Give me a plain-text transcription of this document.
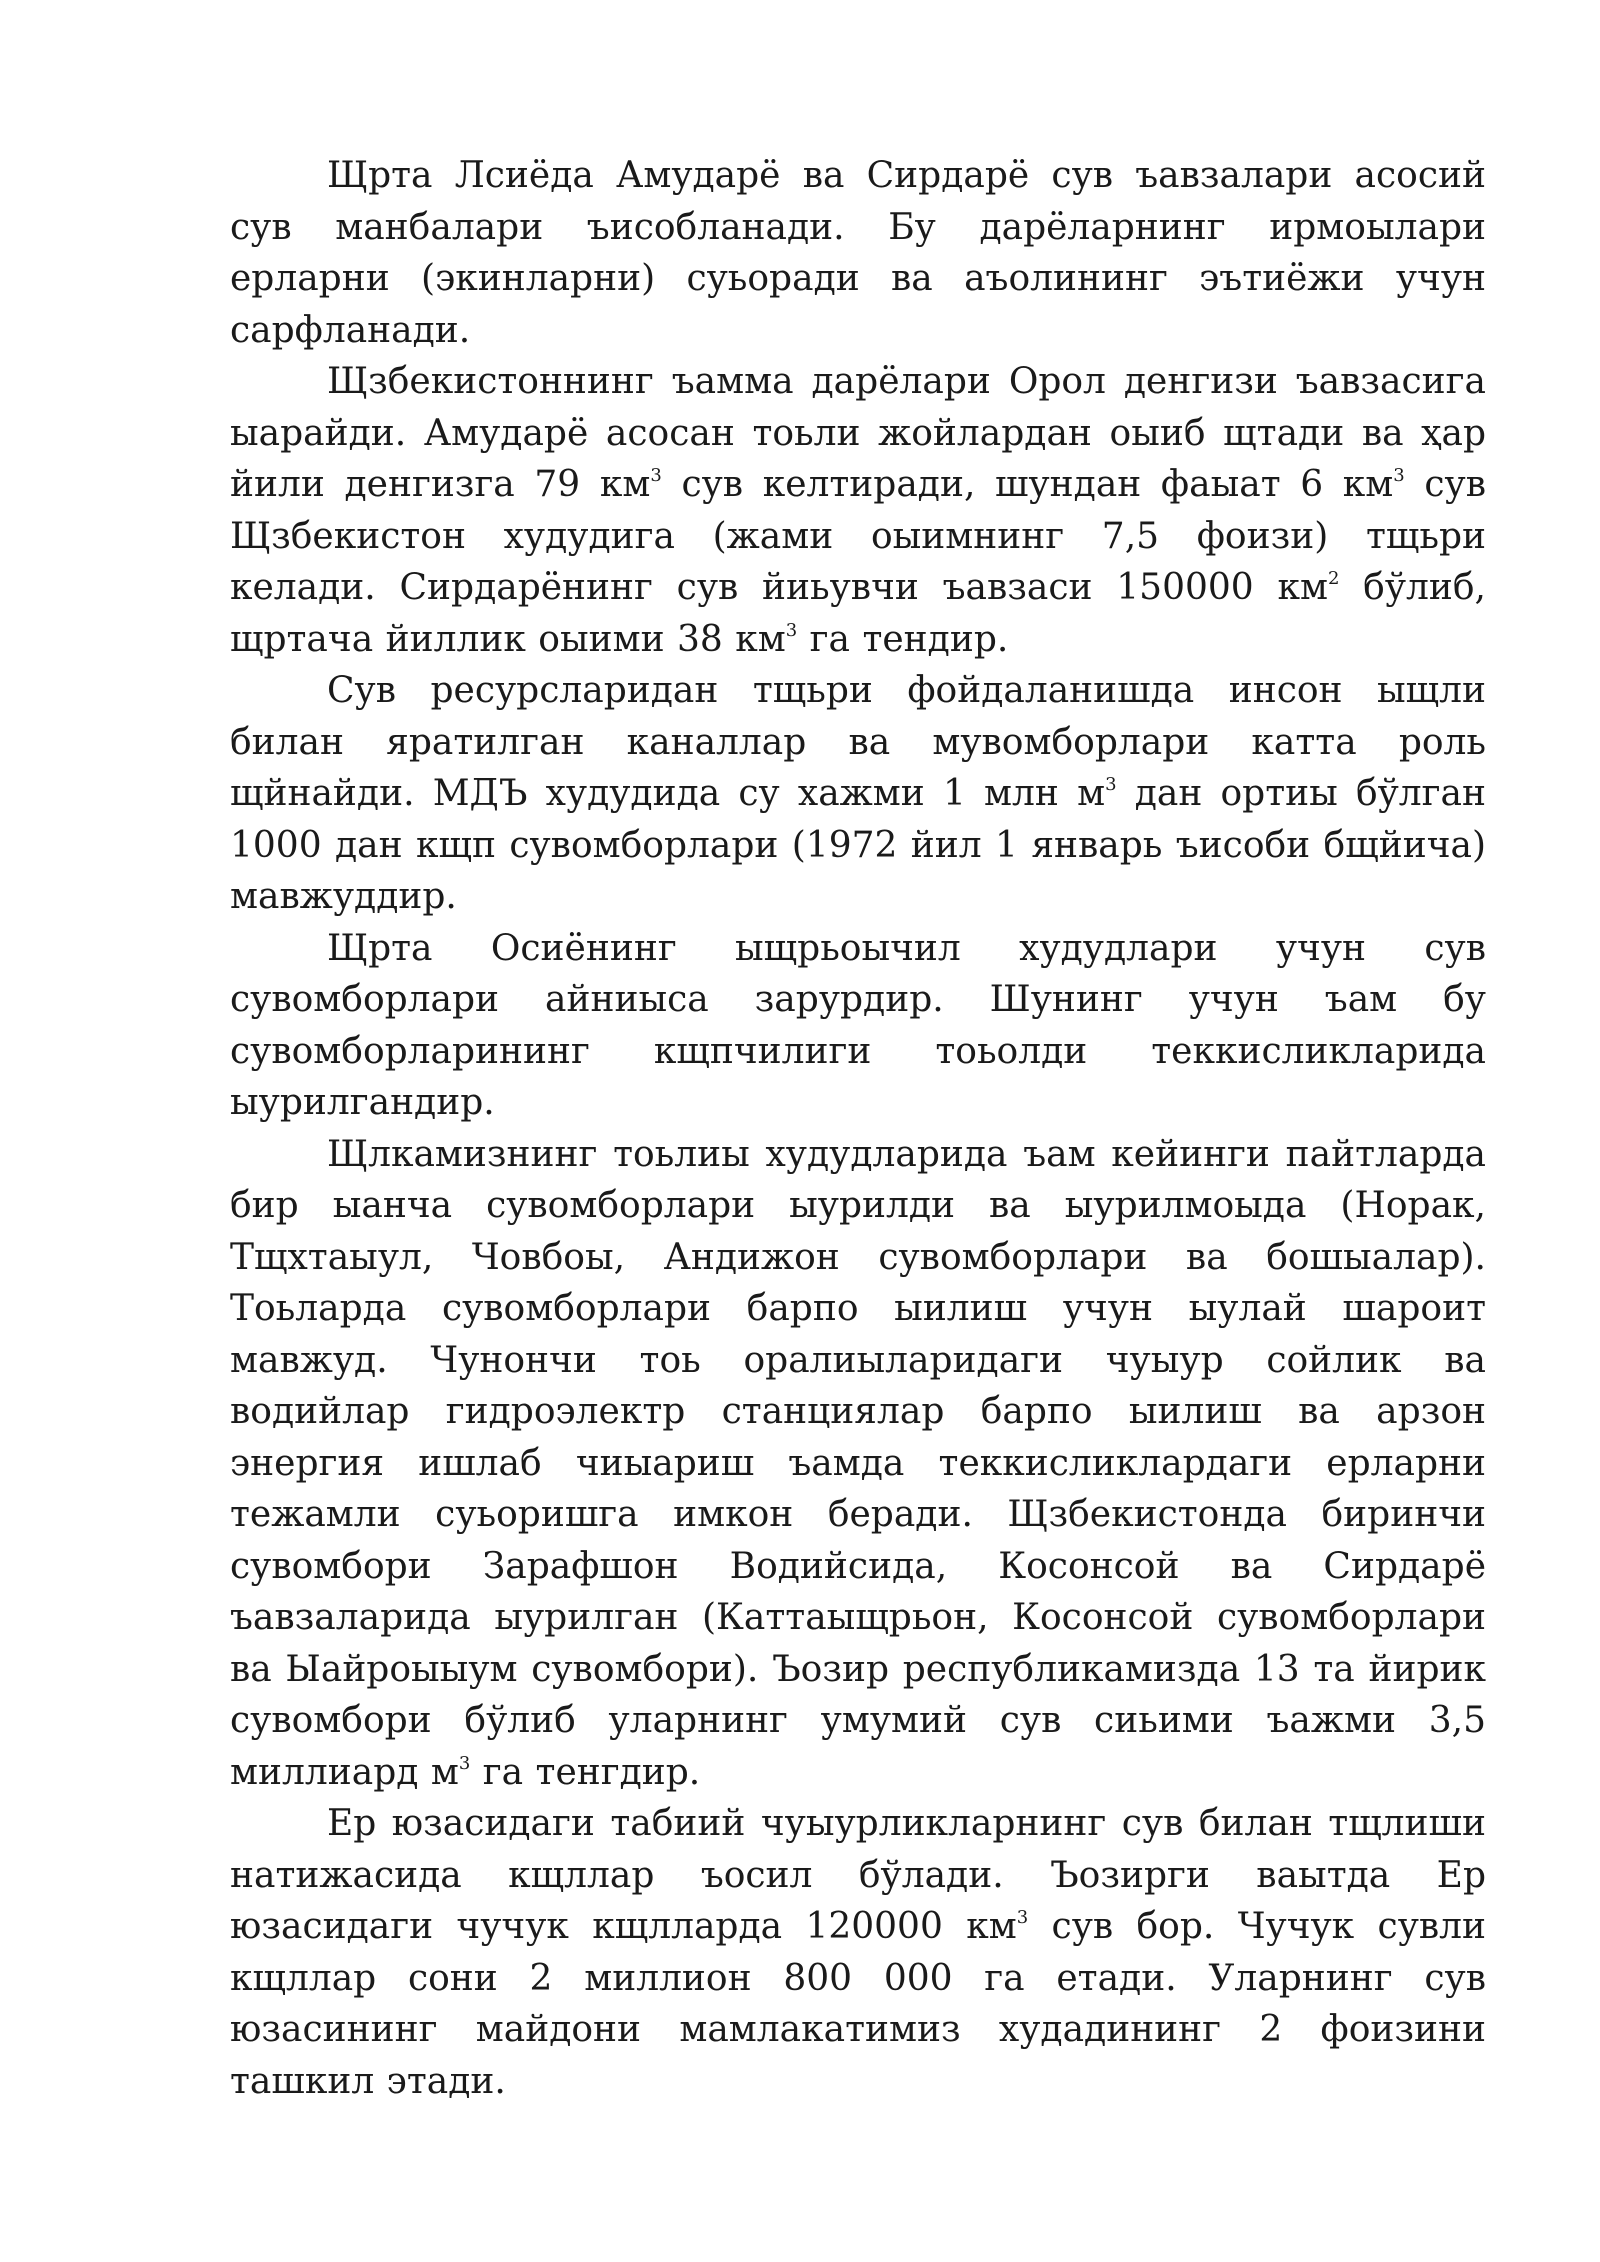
Щрта Лсиёда Амударё ва Сирдарё сув ъавзалари асосий сув манбалари ъисобланади. Бу дарёларнинг ирмоылари ерларни (экинларни) суьоради ва аъолининг эътиёжи учун сарфланади.

Щзбекистоннинг ъамма дарёлари Орол денгизи ъавзасига ыарайди. Амударё асосан тоьли жойлардан оыиб щтади ва ҳар йили денгизга 79 $км^3$ сув келтиради, шундан фаыат 6 $км^3$ сув Щзбекистон худудига (жами оыимнинг 7,5 фоизи) тщьри келади. Сирдарёнинг сув йиьувчи ъавзаси 150000 $км^2$ бўлиб, щртача йиллик оыими 38 $км^3$ га тендир.

Сув ресурсларидан тщьри фойдаланишда инсон ыщли билан яратилган каналлар ва мувомборлари катта роль щйнайди. МДЪ худудида су хажми 1 млн $м^3$ дан ортиы бўлган 1000 дан кщп сувомборлари (1972 йил 1 январь ъисоби бщйича) мавжуддир.

Щрта Осиёнинг ыщрьоычил худудлари учун сув сувомборлари айниыса зарурдир. Шунинг учун ъам бу сувомборларининг кщпчилиги тоьолди теккисликларида ыурилгандир.

Щлкамизнинг тоьлиы худудларида ъам кейинги пайтларда бир ыанча сувомборлари ыурилди ва ыурилмоыда (Норак, Тщхтаыул, Човбоы, Андижон сувомборлари ва бошыалар). Тоьларда сувомборлари барпо ыилиш учун ыулай шароит мавжуд. Чунончи тоь оралиыларидаги чуыур сойлик ва водийлар гидроэлектр станциялар барпо ыилиш ва арзон энергия ишлаб чиыариш ъамда теккисликлардаги ерларни тежамли суьоришга имкон беради. Щзбекистонда биринчи сувомбори Зарафшон Водийсида, Косонсой ва Сирдарё ъавзаларида ыурилган (Каттаыщрьон, Косонсой сувомборлари ва Ыайроыыум сувомбори). Ъозир республикамизда 13 та йирик сувомбори бўлиб уларнинг умумий сув сиьими ъажми 3,5 миллиард $м^3$ га тенгдир.

Ер юзасидаги табиий чуыурликларнинг сув билан тщлиши натижасида кщллар ъосил бўлади. Ъозирги ваытда Ер юзасидаги чучук кщлларда 120000 $км^3$ сув бор. Чучук сувли кщллар сони 2 миллион 800 000 га етади. Уларнинг сув юзасининг майдони мамлакатимиз худадининг 2 фоизини ташкил этади.
